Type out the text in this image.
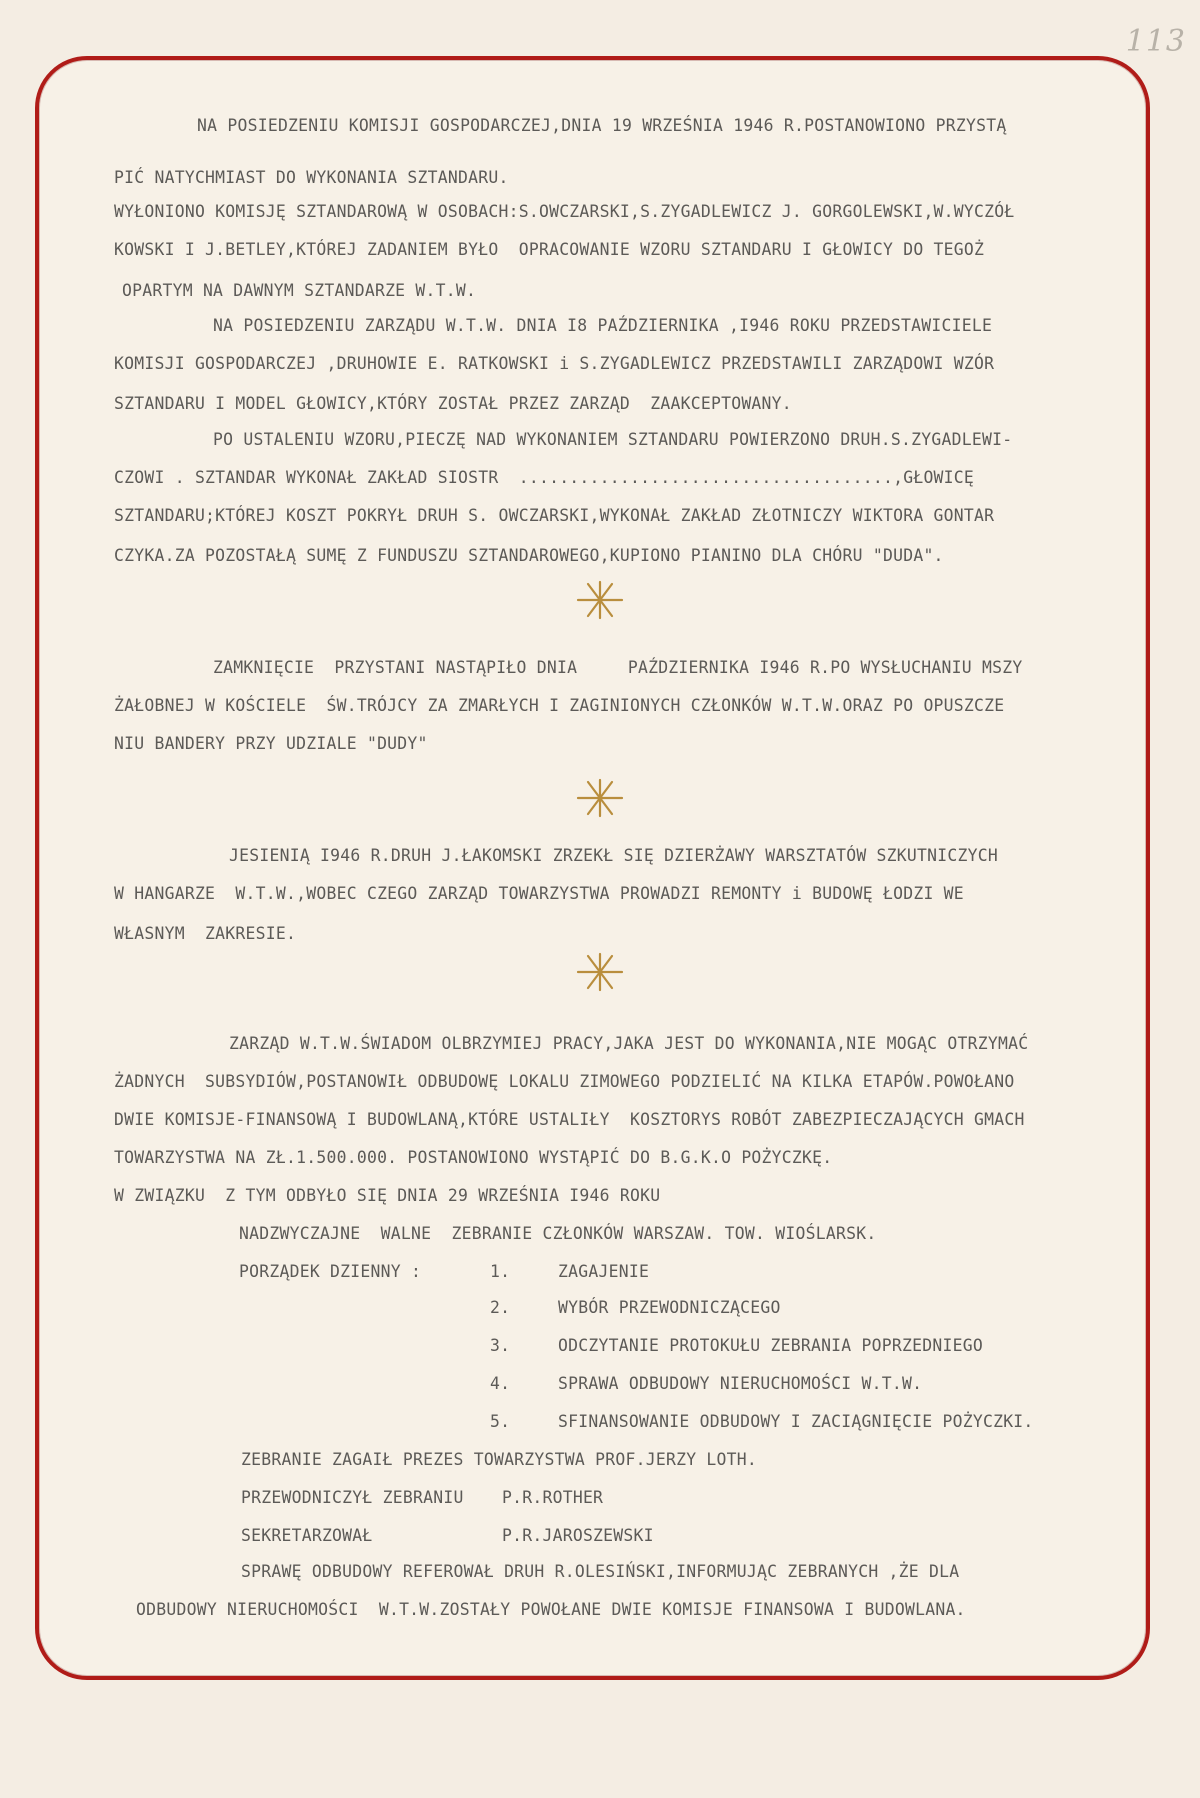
113

NA POSIEDZENIU KOMISJI GOSPODARCZEJ,DNIA 19 WRZEŚNIA 1946 R.POSTANOWIONO PRZYSTĄ

PIĆ NATYCHMIAST DO WYKONANIA SZTANDARU.

WYŁONIONO KOMISJĘ SZTANDAROWĄ W OSOBACH:S.OWCZARSKI,S.ZYGADLEWICZ J. GORGOLEWSKI,W.WYCZÓŁ

KOWSKI I J.BETLEY,KTÓREJ ZADANIEM BYŁO  OPRACOWANIE WZORU SZTANDARU I GŁOWICY DO TEGOŻ

OPARTYM NA DAWNYM SZTANDARZE W.T.W.

NA POSIEDZENIU ZARZĄDU W.T.W. DNIA I8 PAŹDZIERNIKA ,I946 ROKU PRZEDSTAWICIELE

KOMISJI GOSPODARCZEJ ,DRUHOWIE E. RATKOWSKI i S.ZYGADLEWICZ PRZEDSTAWILI ZARZĄDOWI WZÓR

SZTANDARU I MODEL GŁOWICY,KTÓRY ZOSTAŁ PRZEZ ZARZĄD  ZAAKCEPTOWANY.

PO USTALENIU WZORU,PIECZĘ NAD WYKONANIEM SZTANDARU POWIERZONO DRUH.S.ZYGADLEWI-

CZOWI . SZTANDAR WYKONAŁ ZAKŁAD SIOSTR  .....................................,GŁOWICĘ

SZTANDARU;KTÓREJ KOSZT POKRYŁ DRUH S. OWCZARSKI,WYKONAŁ ZAKŁAD ZŁOTNICZY WIKTORA GONTAR

CZYKA.ZA POZOSTAŁĄ SUMĘ Z FUNDUSZU SZTANDAROWEGO,KUPIONO PIANINO DLA CHÓRU "DUDA".

ZAMKNIĘCIE  PRZYSTANI NASTĄPIŁO DNIA     PAŹDZIERNIKA I946 R.PO WYSŁUCHANIU MSZY

ŻAŁOBNEJ W KOŚCIELE  ŚW.TRÓJCY ZA ZMARŁYCH I ZAGINIONYCH CZŁONKÓW W.T.W.ORAZ PO OPUSZCZE

NIU BANDERY PRZY UDZIALE "DUDY"

JESIENIĄ I946 R.DRUH J.ŁAKOMSKI ZRZEKŁ SIĘ DZIERŻAWY WARSZTATÓW SZKUTNICZYCH

W HANGARZE  W.T.W.,WOBEC CZEGO ZARZĄD TOWARZYSTWA PROWADZI REMONTY i BUDOWĘ ŁODZI WE

WŁASNYM  ZAKRESIE.

ZARZĄD W.T.W.ŚWIADOM OLBRZYMIEJ PRACY,JAKA JEST DO WYKONANIA,NIE MOGĄC OTRZYMAĆ

ŻADNYCH  SUBSYDIÓW,POSTANOWIŁ ODBUDOWĘ LOKALU ZIMOWEGO PODZIELIĆ NA KILKA ETAPÓW.POWOŁANO

DWIE KOMISJE-FINANSOWĄ I BUDOWLANĄ,KTÓRE USTALIŁY  KOSZTORYS ROBÓT ZABEZPIECZAJĄCYCH GMACH

TOWARZYSTWA NA ZŁ.1.500.000. POSTANOWIONO WYSTĄPIĆ DO B.G.K.O POŻYCZKĘ.

W ZWIĄZKU  Z TYM ODBYŁO SIĘ DNIA 29 WRZEŚNIA I946 ROKU

NADZWYCZAJNE  WALNE  ZEBRANIE CZŁONKÓW WARSZAW. TOW. WIOŚLARSK.

PORZĄDEK DZIENNY :	1.	ZAGAJENIE
2.	WYBÓR PRZEWODNICZĄCEGO
3.	ODCZYTANIE PROTOKUŁU ZEBRANIA POPRZEDNIEGO
4.	SPRAWA ODBUDOWY NIERUCHOMOŚCI W.T.W.
5.	SFINANSOWANIE ODBUDOWY I ZACIĄGNIĘCIE POŻYCZKI.

ZEBRANIE ZAGAIŁ PREZES TOWARZYSTWA PROF.JERZY LOTH.

PRZEWODNICZYŁ ZEBRANIU P.R.ROTHER

SEKRETARZOWAŁ	P.R.JAROSZEWSKI

SPRAWĘ ODBUDOWY REFEROWAŁ DRUH R.OLESIŃSKI,INFORMUJĄC ZEBRANYCH ,ŻE DLA

ODBUDOWY NIERUCHOMOŚCI  W.T.W.ZOSTAŁY POWOŁANE DWIE KOMISJE FINANSOWA I BUDOWLANA.
